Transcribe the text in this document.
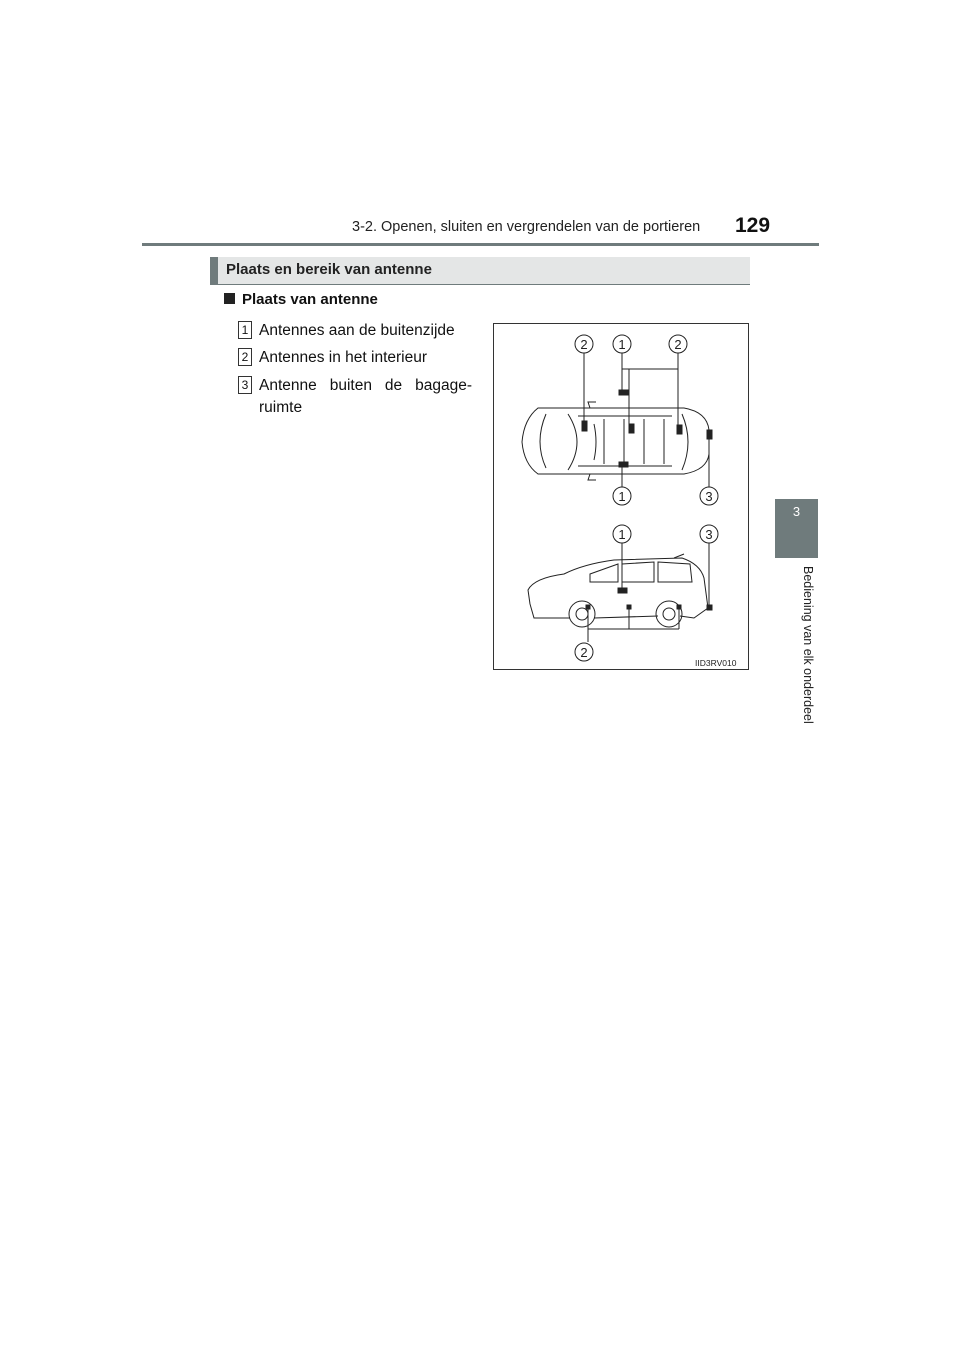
3-2. Openen, sluiten en vergrendelen van de portieren 129
3
Bediening van elk onderdeel
Plaats en bereik van antenne
Plaats van antenne
1 Antennes aan de buitenzijde
2 Antennes in het interieur
3 Antenne buiten de bagage-ruimte
2 1	2
1	3
1	3
2
IID3RV010
